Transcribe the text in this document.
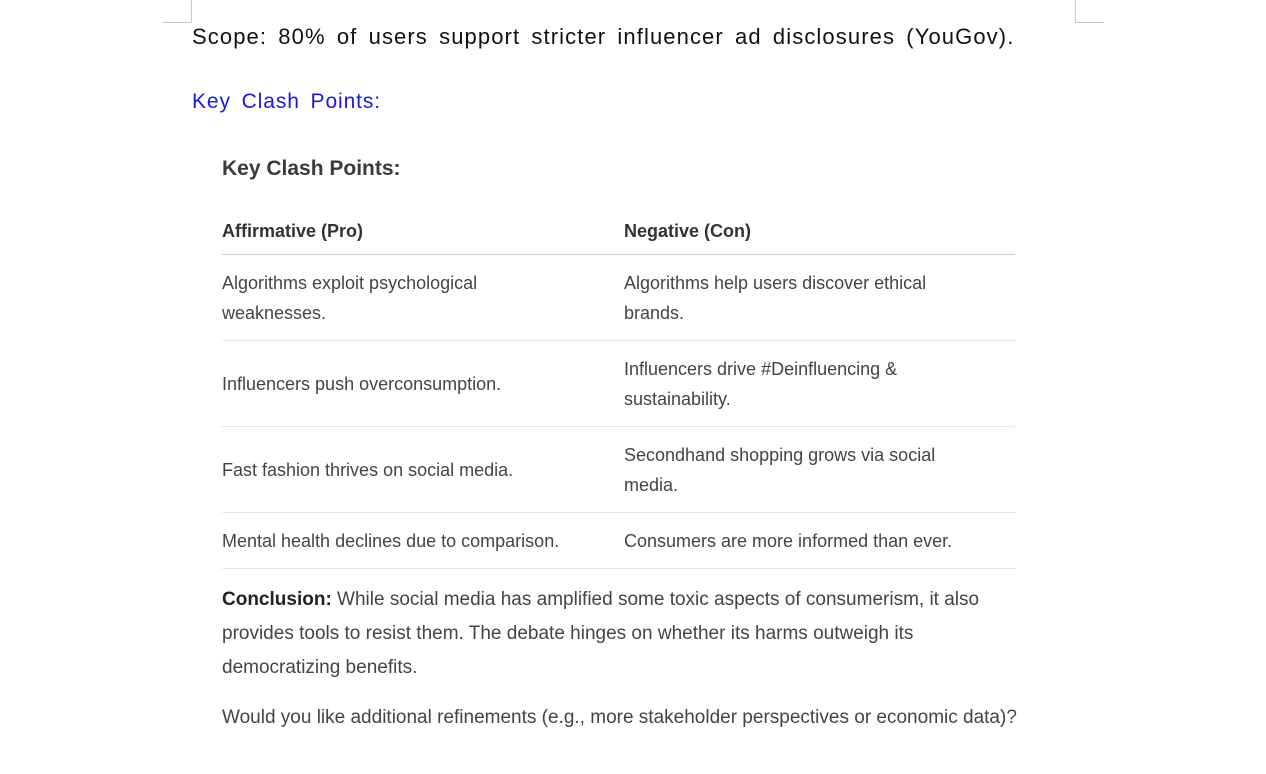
Scope: 80% of users support stricter influencer ad disclosures (YouGov).
Key Clash Points:
Key Clash Points:
Affirmative (Pro)	Negative (Con)

Algorithms exploit psychological weaknesses.	Algorithms help users discover ethical brands.

Influencers push overconsumption.	Influencers drive #Deinfluencing & sustainability.

Fast fashion thrives on social media.	Secondhand shopping grows via social media.

Mental health declines due to comparison.	Consumers are more informed than ever.

Conclusion: While social media has amplified some toxic aspects of consumerism, it also provides tools to resist them. The debate hinges on whether its harms outweigh its democratizing benefits.

Would you like additional refinements (e.g., more stakeholder perspectives or economic data)?
